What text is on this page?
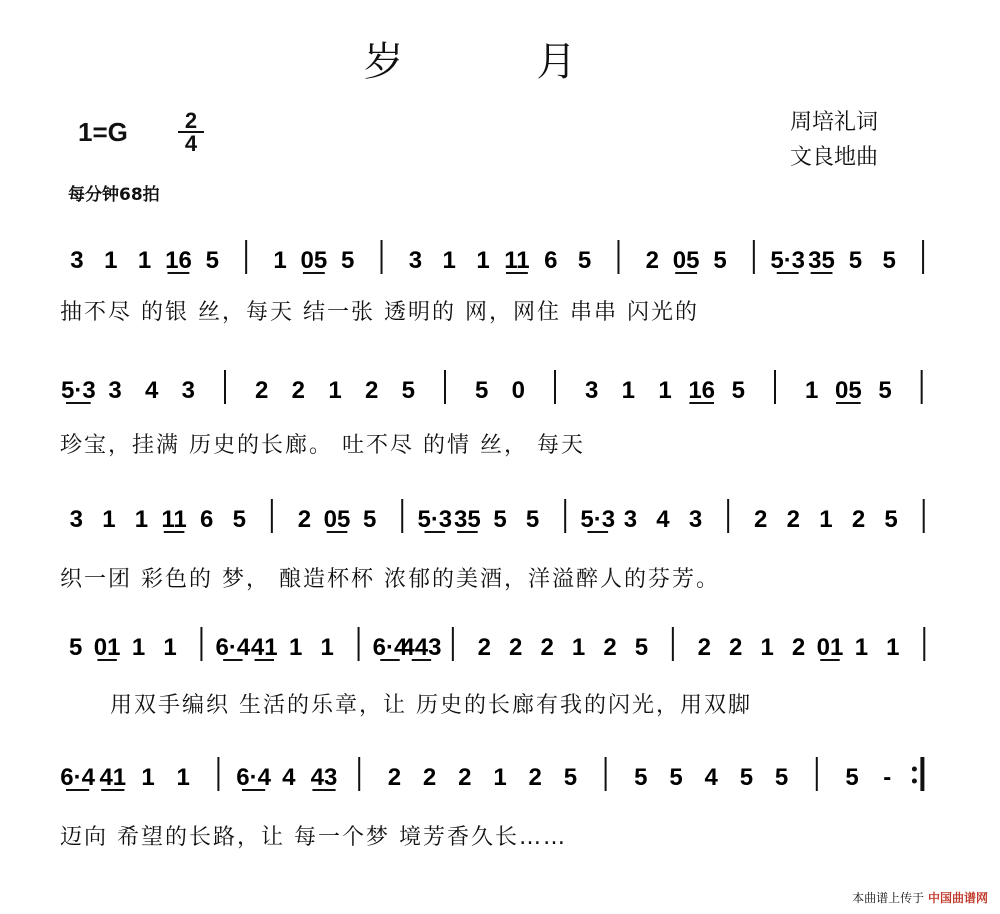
岁 月
1=G	2
4
周培礼词
文良地曲
每分钟68拍
3 1 1 16 5 1 05 5 3 1 1 11 6 5 2 05 5 5·3 35 5 5
5·3 3 4 3 2 2 1 2 5 5 0 3 1 1 16 5 1 05 5
3 1 1 11 6 5 2 05 5 5·3 35 5 5 5·3 3 4 3 2 2 1 2 5
5 01 1 1 6·4 41 1 1 6·4
443 2 2 2 1 2 5 2 2 1 2 01 1 1
6·4 41 1 1 6·4 4 43 2 2 2 1 2 5 5 5 4 5 5 5 -
抽不尽 的银 丝，每天 结一张 透明的 网，网住 串串 闪光的
珍宝，挂满 历史的长廊。 吐不尽 的情 丝， 每天
织一团 彩色的 梦， 酿造杯杯 浓郁的美酒，洋溢醉人的芬芳。
用双手编织 生活的乐章，让 历史的长廊有我的闪光，用双脚
迈向 希望的长路，让 每一个梦 境芳香久长……
本曲谱上传于 中国曲谱网
